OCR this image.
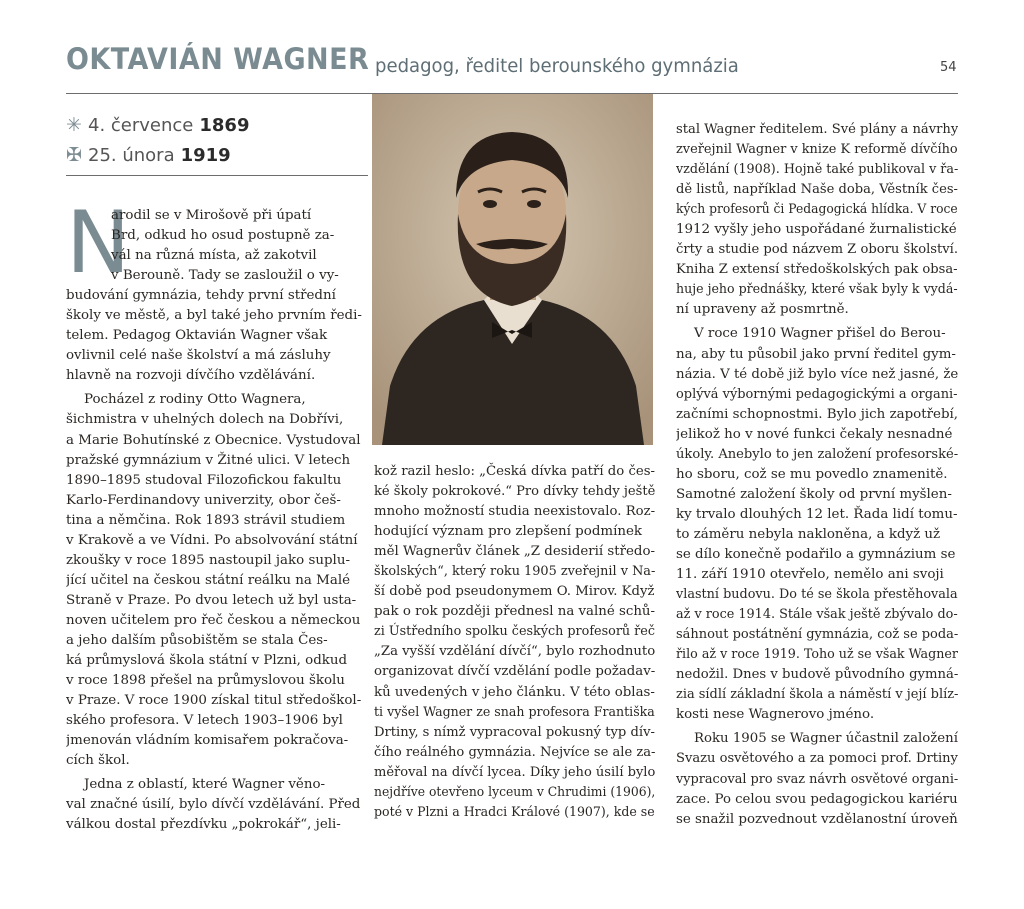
OKTAVIÁN WAGNER pedagog, ředitel berounského gymnázia	54
✳ 4. července 1869
✠ 25. února 1919
N
arodil se v Mirošově při úpatí
Brd, odkud ho osud postupně za-
vál na různá místa, až zakotvil
v Berouně. Tady se zasloužil o vy-
budování gymnázia, tehdy první střední
školy ve městě, a byl také jeho prvním ředi-
telem. Pedagog Oktavián Wagner však
ovlivnil celé naše školství a má zásluhy
hlavně na rozvoji dívčího vzdělávání.
Pocházel z rodiny Otto Wagnera,
šichmistra v uhelných dolech na Dobřívi,
a Marie Bohutínské z Obecnice. Vystudoval
pražské gymnázium v Žitné ulici. V letech
1890–1895 studoval Filozofickou fakultu
Karlo-Ferdinandovy univerzity, obor češ-
tina a němčina. Rok 1893 strávil studiem
v Krakově a ve Vídni. Po absolvování státní
zkoušky v roce 1895 nastoupil jako suplu-
jící učitel na českou státní reálku na Malé
Straně v Praze. Po dvou letech už byl usta-
noven učitelem pro řeč českou a německou
a jeho dalším působištěm se stala Čes-
ká průmyslová škola státní v Plzni, odkud
v roce 1898 přešel na průmyslovou školu
v Praze. V roce 1900 získal titul středoškol-
ského profesora. V letech 1903–1906 byl
jmenován vládním komisařem pokračova-
cích škol.
Jedna z oblastí, které Wagner věno-
val značné úsilí, bylo dívčí vzdělávání. Před
válkou dostal přezdívku „pokrokář“, jeli-
kož razil heslo: „Česká dívka patří do čes-
ké školy pokrokové.“ Pro dívky tehdy ještě
mnoho možností studia neexistovalo. Roz-
hodující význam pro zlepšení podmínek
měl Wagnerův článek „Z desiderií středo-
školských“, který roku 1905 zveřejnil v Na-
ší době pod pseudonymem O. Mirov. Když
pak o rok později přednesl na valné schů-
zi Ústředního spolku českých profesorů řeč
„Za vyšší vzdělání dívčí“, bylo rozhodnuto
organizovat dívčí vzdělání podle požadav-
ků uvedených v jeho článku. V této oblas-
ti vyšel Wagner ze snah profesora Františka
Drtiny, s nímž vypracoval pokusný typ dív-
čího reálného gymnázia. Nejvíce se ale za-
měřoval na dívčí lycea. Díky jeho úsilí bylo
nejdříve otevřeno lyceum v Chrudimi (1906),
poté v Plzni a Hradci Králové (1907), kde se
stal Wagner ředitelem. Své plány a návrhy
zveřejnil Wagner v knize K reformě dívčího
vzdělání (1908). Hojně také publikoval v řa-
dě listů, například Naše doba, Věstník čes-
kých profesorů či Pedagogická hlídka. V roce
1912 vyšly jeho uspořádané žurnalistické
črty a studie pod názvem Z oboru školství.
Kniha Z extensí středoškolských pak obsa-
huje jeho přednášky, které však byly k vydá-
ní upraveny až posmrtně.
V roce 1910 Wagner přišel do Berou-
na, aby tu působil jako první ředitel gym-
názia. V té době již bylo více než jasné, že
oplývá výbornými pedagogickými a organi-
začními schopnostmi. Bylo jich zapotřebí,
jelikož ho v nové funkci čekaly nesnadné
úkoly. Anebylo to jen založení profesorské-
ho sboru, což se mu povedlo znamenitě.
Samotné založení školy od první myšlen-
ky trvalo dlouhých 12 let. Řada lidí tomu-
to záměru nebyla nakloněna, a když už
se dílo konečně podařilo a gymnázium se
11. září 1910 otevřelo, nemělo ani svoji
vlastní budovu. Do té se škola přestěhovala
až v roce 1914. Stále však ještě zbývalo do-
sáhnout postátnění gymnázia, což se poda-
řilo až v roce 1919. Toho už se však Wagner
nedožil. Dnes v budově původního gymná-
zia sídlí základní škola a náměstí v její blíz-
kosti nese Wagnerovo jméno.
Roku 1905 se Wagner účastnil založení
Svazu osvětového a za pomoci prof. Drtiny
vypracoval pro svaz návrh osvětové organi-
zace. Po celou svou pedagogickou kariéru
se snažil pozvednout vzdělanostní úroveň
